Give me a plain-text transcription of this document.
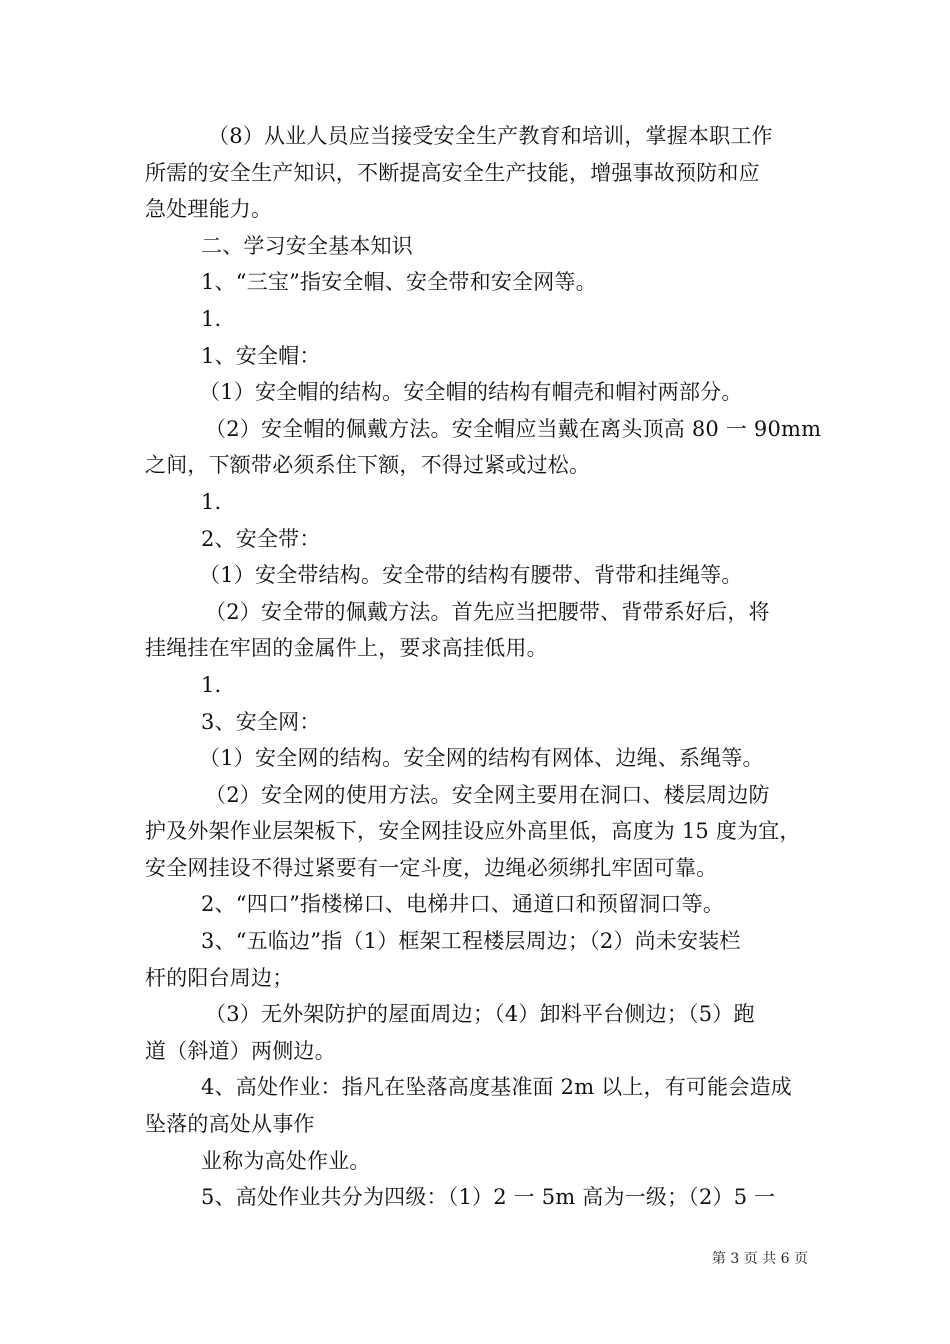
（8）从业人员应当接受安全生产教育和培训，掌握本职工作
所需的安全生产知识，不断提高安全生产技能，增强事故预防和应
急处理能力。
二、学习安全基本知识
1、“三宝”指安全帽、安全带和安全网等。
1.
1、安全帽：
（1）安全帽的结构。安全帽的结构有帽壳和帽衬两部分。
（2）安全帽的佩戴方法。安全帽应当戴在离头顶高 80 一 90mm
之间，下额带必须系住下额，不得过紧或过松。
1.
2、安全带：
（1）安全带结构。安全带的结构有腰带、背带和挂绳等。
（2）安全带的佩戴方法。首先应当把腰带、背带系好后，将
挂绳挂在牢固的金属件上，要求高挂低用。
1.
3、安全网：
（1）安全网的结构。安全网的结构有网体、边绳、系绳等。
（2）安全网的使用方法。安全网主要用在洞口、楼层周边防
护及外架作业层架板下，安全网挂设应外高里低，高度为 15 度为宜，
安全网挂设不得过紧要有一定斗度，边绳必须绑扎牢固可靠。
2、“四口”指楼梯口、电梯井口、通道口和预留洞口等。
3、“五临边”指（1）框架工程楼层周边；（2）尚未安装栏
杆的阳台周边；
（3）无外架防护的屋面周边；（4）卸料平台侧边；（5）跑
道（斜道）两侧边。
4、高处作业：指凡在坠落高度基准面 2m 以上，有可能会造成
坠落的高处从事作
业称为高处作业。
5、高处作业共分为四级：（1）2 一 5m 高为一级；（2）5 一
第 3 页 共 6 页
